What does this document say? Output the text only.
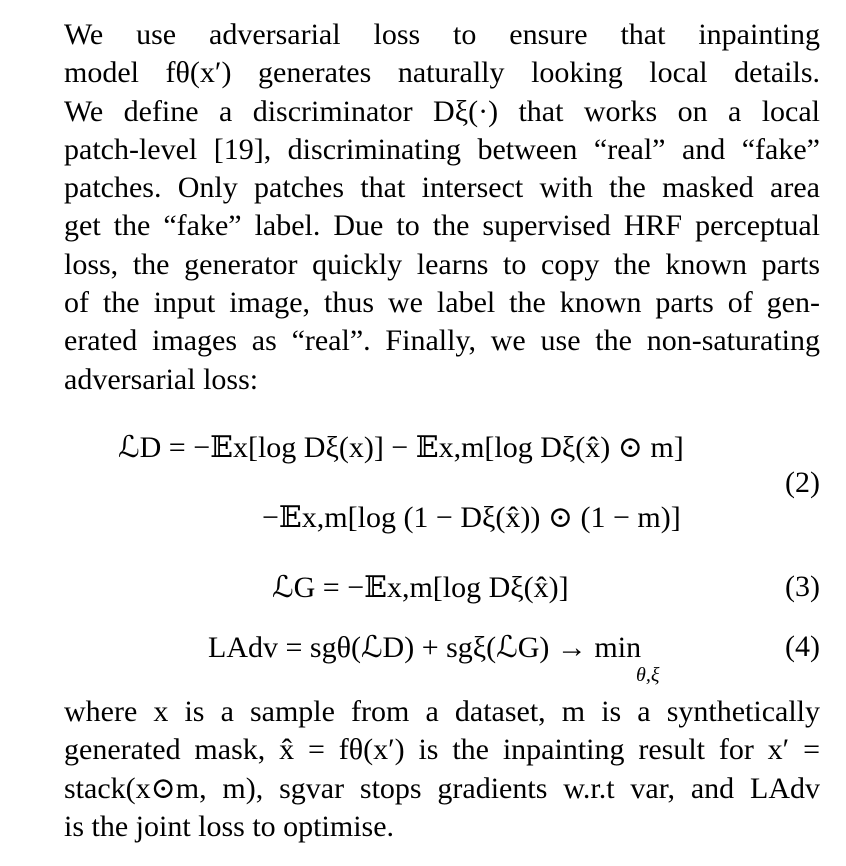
We use adversarial loss to ensure that inpainting
model fθ(x′) generates naturally looking local details.
We define a discriminator Dξ(·) that works on a local
patch-level [19], discriminating between “real” and “fake”
patches. Only patches that intersect with the masked area
get the “fake” label. Due to the supervised HRF perceptual
loss, the generator quickly learns to copy the known parts
of the input image, thus we label the known parts of gen-
erated images as “real”. Finally, we use the non-saturating
adversarial loss:
ℒD = −𝔼x[log Dξ(x)] − 𝔼x,m[log Dξ(x̂) ⊙ m]
−𝔼x,m[log (1 − Dξ(x̂)) ⊙ (1 − m)]
(2)
ℒG = −𝔼x,m[log Dξ(x̂)]	(3)
LAdv = sgθ(ℒD) + sgξ(ℒG) → min
θ,ξ
(4)
where x is a sample from a dataset, m is a synthetically
generated mask, x̂ = fθ(x′) is the inpainting result for x′ =
stack(x⊙m, m), sgvar stops gradients w.r.t var, and LAdv
is the joint loss to optimise.
